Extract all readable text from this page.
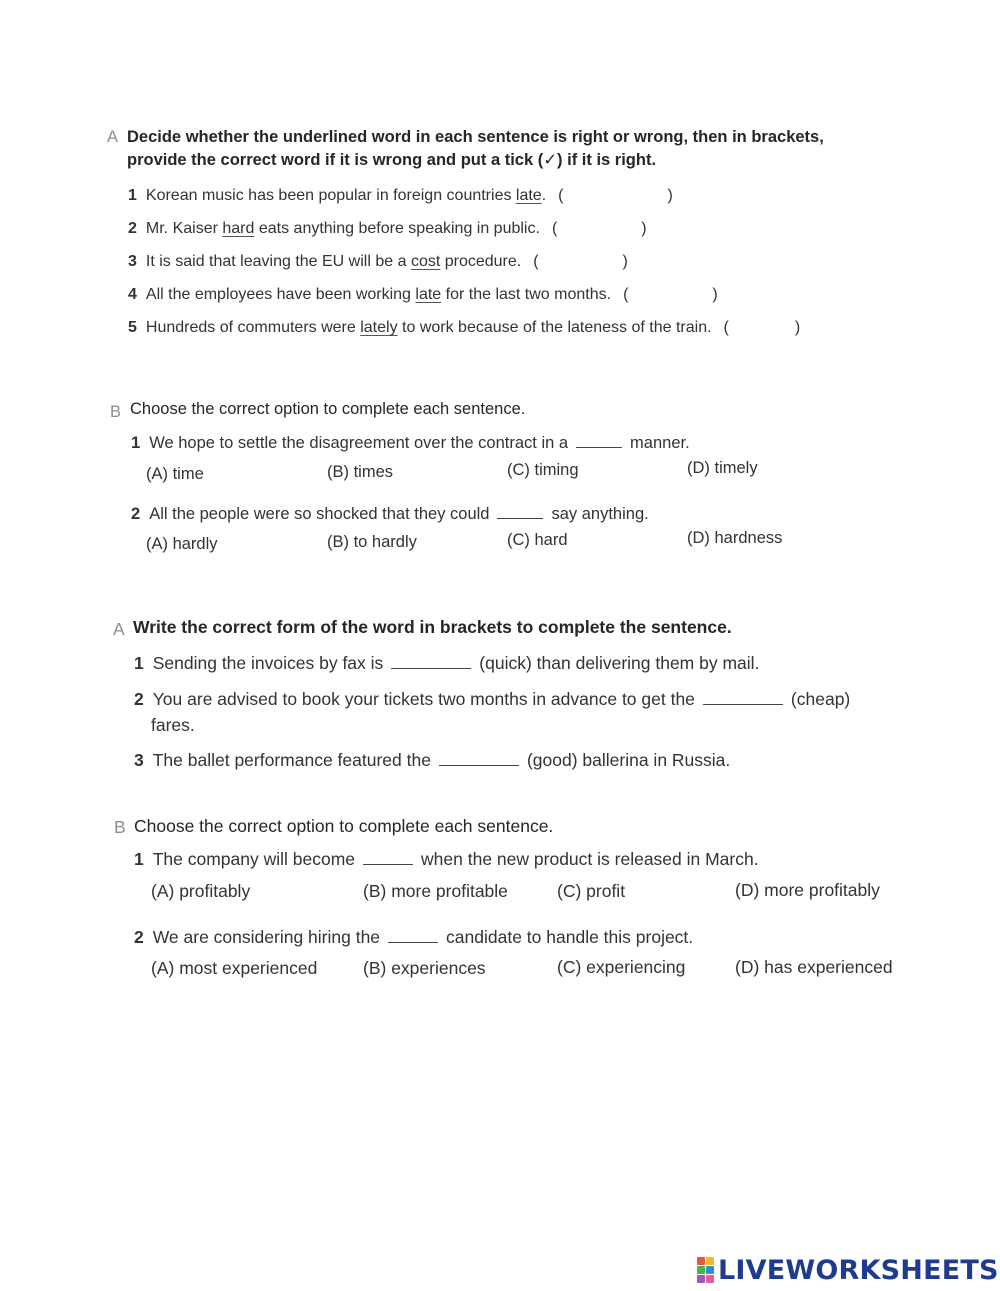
A Decide whether the underlined word in each sentence is right or wrong, then in brackets,
provide the correct word if it is wrong and put a tick (✓) if it is right.
1 Korean music has been popular in foreign countries late. (	)
2 Mr. Kaiser hard eats anything before speaking in public. (	)
3 It is said that leaving the EU will be a cost procedure. (	)
4 All the employees have been working late for the last two months. (	)
5 Hundreds of commuters were lately to work because of the lateness of the train. (	)
B Choose the correct option to complete each sentence.
1 We hope to settle the disagreement over the contract in a	manner.
(A) time	(B) times	(C) timing	(D) timely
2 All the people were so shocked that they could	say anything.
(A) hardly	(B) to hardly	(C) hard	(D) hardness
A Write the correct form of the word in brackets to complete the sentence.
1 Sending the invoices by fax is	(quick) than delivering them by mail.
2 You are advised to book your tickets two months in advance to get the	(cheap)
fares.
3 The ballet performance featured the	(good) ballerina in Russia.
B Choose the correct option to complete each sentence.
1 The company will become	when the new product is released in March.
(A) profitably	(B) more profitable	(C) profit	(D) more profitably
2 We are considering hiring the	candidate to handle this project.
(A) most experienced	(B) experiences	(C) experiencing	(D) has experienced
LIVEWORKSHEETS
